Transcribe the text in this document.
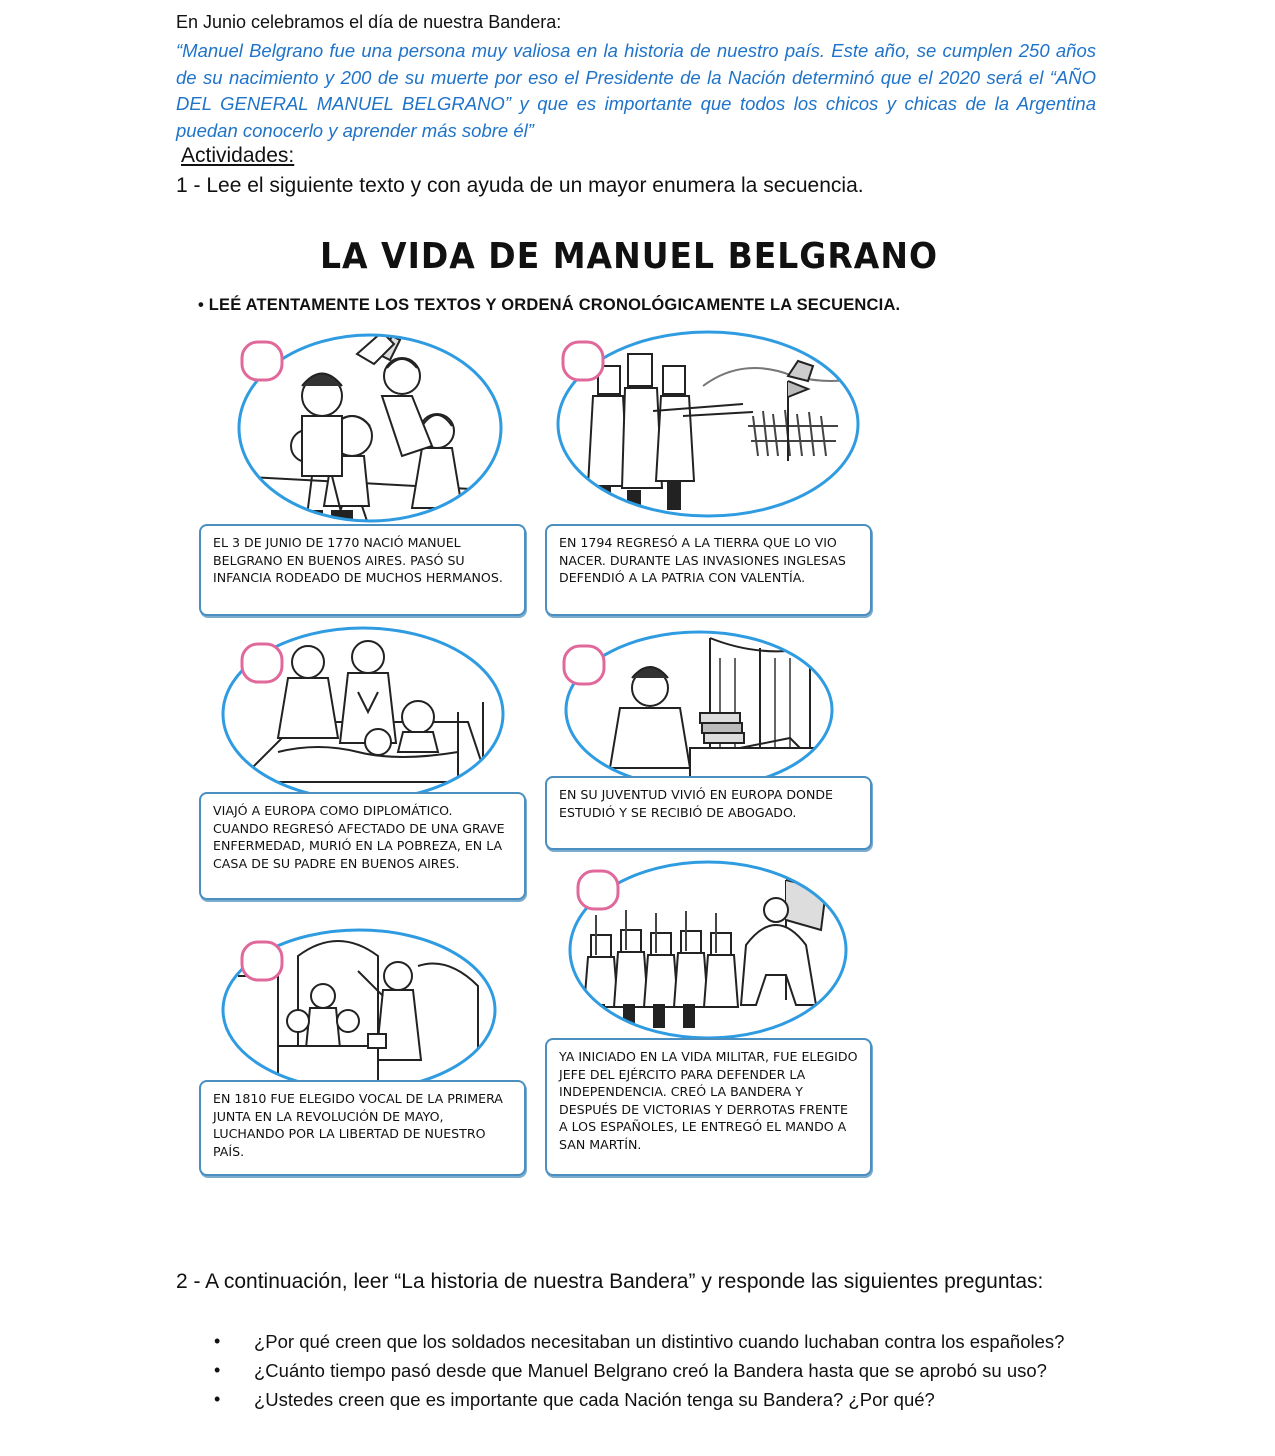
En Junio celebramos el día de nuestra Bandera:
“Manuel Belgrano fue una persona muy valiosa en la historia de nuestro país. Este año, se cumplen 250 años de su nacimiento y 200 de su muerte por eso el Presidente de la Nación determinó que el 2020 será el “AÑO DEL GENERAL MANUEL BELGRANO” y que es importante que todos los chicos y chicas de la Argentina puedan conocerlo y aprender más sobre él”
Actividades:
1 - Lee el siguiente texto y con ayuda de un mayor enumera la secuencia.
LA VIDA DE MANUEL BELGRANO
• LEÉ ATENTAMENTE LOS TEXTOS Y ORDENÁ CRONOLÓGICAMENTE LA SECUENCIA.
EL 3 DE JUNIO DE 1770 NACIÓ MANUEL BELGRANO EN BUENOS AIRES. PASÓ SU INFANCIA RODEADO DE MUCHOS HERMANOS.
EN 1794 REGRESÓ A LA TIERRA QUE LO VIO NACER. DURANTE LAS INVASIONES INGLESAS DEFENDIÓ A LA PATRIA CON VALENTÍA.
VIAJÓ A EUROPA COMO DIPLOMÁTICO. CUANDO REGRESÓ AFECTADO DE UNA GRAVE ENFERMEDAD, MURIÓ EN LA POBREZA, EN LA CASA DE SU PADRE EN BUENOS AIRES.
EN SU JUVENTUD VIVIÓ EN EUROPA DONDE ESTUDIÓ Y SE RECIBIÓ DE ABOGADO.
EN 1810 FUE ELEGIDO VOCAL DE LA PRIMERA JUNTA EN LA REVOLUCIÓN DE MAYO, LUCHANDO POR LA LIBERTAD DE NUESTRO PAÍS.
YA INICIADO EN LA VIDA MILITAR, FUE ELEGIDO JEFE DEL EJÉRCITO PARA DEFENDER LA INDEPENDENCIA. CREÓ LA BANDERA Y DESPUÉS DE VICTORIAS Y DERROTAS FRENTE A LOS ESPAÑOLES, LE ENTREGÓ EL MANDO A SAN MARTÍN.
2 - A continuación, leer “La historia de nuestra Bandera” y responde las siguientes preguntas:
•	¿Por qué creen que los soldados necesitaban un distintivo cuando luchaban contra los españoles?
•	¿Cuánto tiempo pasó desde que Manuel Belgrano creó la Bandera hasta que se aprobó su uso?
•	¿Ustedes creen que es importante que cada Nación tenga su Bandera? ¿Por qué?
